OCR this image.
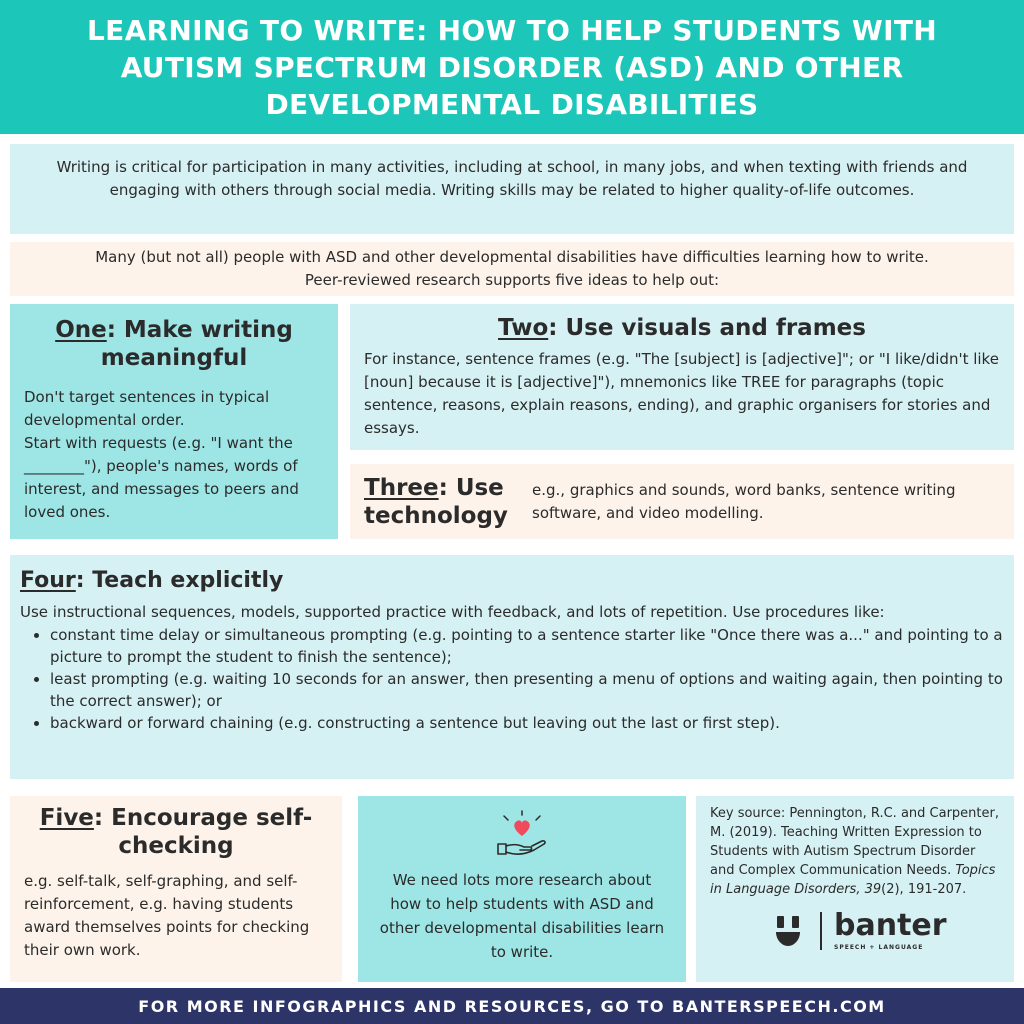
LEARNING TO WRITE: HOW TO HELP STUDENTS WITH AUTISM SPECTRUM DISORDER (ASD) AND OTHER DEVELOPMENTAL DISABILITIES

Writing is critical for participation in many activities, including at school, in many jobs, and when texting with friends and engaging with others through social media. Writing skills may be related to higher quality-of-life outcomes.

Many (but not all) people with ASD and other developmental disabilities have difficulties learning how to write.

Peer-reviewed research supports five ideas to help out:

One: Make writing meaningful

Don't target sentences in typical developmental order.

Start with requests (e.g. "I want the ________"), people's names, words of interest, and messages to peers and loved ones.

Two: Use visuals and frames

For instance, sentence frames (e.g. "The [subject] is [adjective]"; or "I like/didn't like [noun] because it is [adjective]"), mnemonics like TREE for paragraphs (topic sentence, reasons, explain reasons, ending), and graphic organisers for stories and essays.

Three: Use technology

e.g., graphics and sounds, word banks, sentence writing software, and video modelling.

Four: Teach explicitly

Use instructional sequences, models, supported practice with feedback, and lots of repetition. Use procedures like:

• constant time delay or simultaneous prompting (e.g. pointing to a sentence starter like "Once there was a..." and pointing to a picture to prompt the student to finish the sentence);
• least prompting (e.g. waiting 10 seconds for an answer, then presenting a menu of options and waiting again, then pointing to the correct answer); or
• backward or forward chaining (e.g. constructing a sentence but leaving out the last or first step).
Five: Encourage self-checking

e.g. self-talk, self-graphing, and self-reinforcement, e.g. having students award themselves points for checking their own work.

We need lots more research about how to help students with ASD and other developmental disabilities learn to write.

Key source: Pennington, R.C. and Carpenter, M. (2019). Teaching Written Expression to Students with Autism Spectrum Disorder and Complex Communication Needs. Topics in Language Disorders, 39(2), 191-207.

banter
SPEECH + LANGUAGE
FOR MORE INFOGRAPHICS AND RESOURCES, GO TO BANTERSPEECH.COM
